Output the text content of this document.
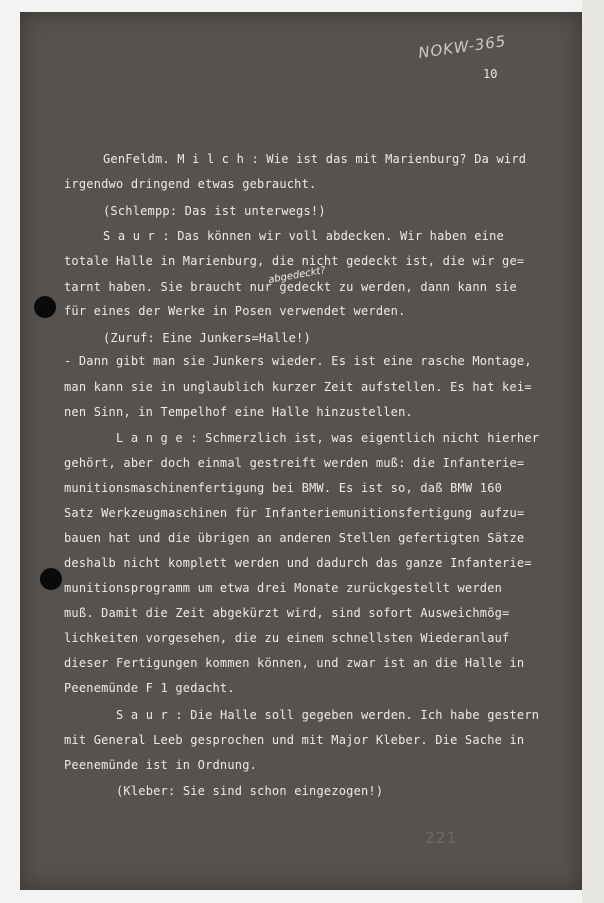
NOKW-365
10
abgedeckt?
GenFeldm. M i l c h : Wie ist das mit Marienburg? Da wird
irgendwo dringend etwas gebraucht.
(Schlempp: Das ist unterwegs!)
S a u r : Das können wir voll abdecken. Wir haben eine
totale Halle in Marienburg, die nicht gedeckt ist, die wir ge=
tarnt haben. Sie braucht nur gedeckt zu werden, dann kann sie
für eines der Werke in Posen verwendet werden.
(Zuruf: Eine Junkers=Halle!)
- Dann gibt man sie Junkers wieder. Es ist eine rasche Montage,
man kann sie in unglaublich kurzer Zeit aufstellen. Es hat kei=
nen Sinn, in Tempelhof eine Halle hinzustellen.
L a n g e : Schmerzlich ist, was eigentlich nicht hierher
gehört, aber doch einmal gestreift werden muß: die Infanterie=
munitionsmaschinenfertigung bei BMW. Es ist so, daß BMW 160
Satz Werkzeugmaschinen für Infanteriemunitionsfertigung aufzu=
bauen hat und die übrigen an anderen Stellen gefertigten Sätze
deshalb nicht komplett werden und dadurch das ganze Infanterie=
munitionsprogramm um etwa drei Monate zurückgestellt werden
muß. Damit die Zeit abgekürzt wird, sind sofort Ausweichmög=
lichkeiten vorgesehen, die zu einem schnellsten Wiederanlauf
dieser Fertigungen kommen können, und zwar ist an die Halle in
Peenemünde F 1 gedacht.
S a u r : Die Halle soll gegeben werden. Ich habe gestern
mit General Leeb gesprochen und mit Major Kleber. Die Sache in
Peenemünde ist in Ordnung.
(Kleber: Sie sind schon eingezogen!)
221
